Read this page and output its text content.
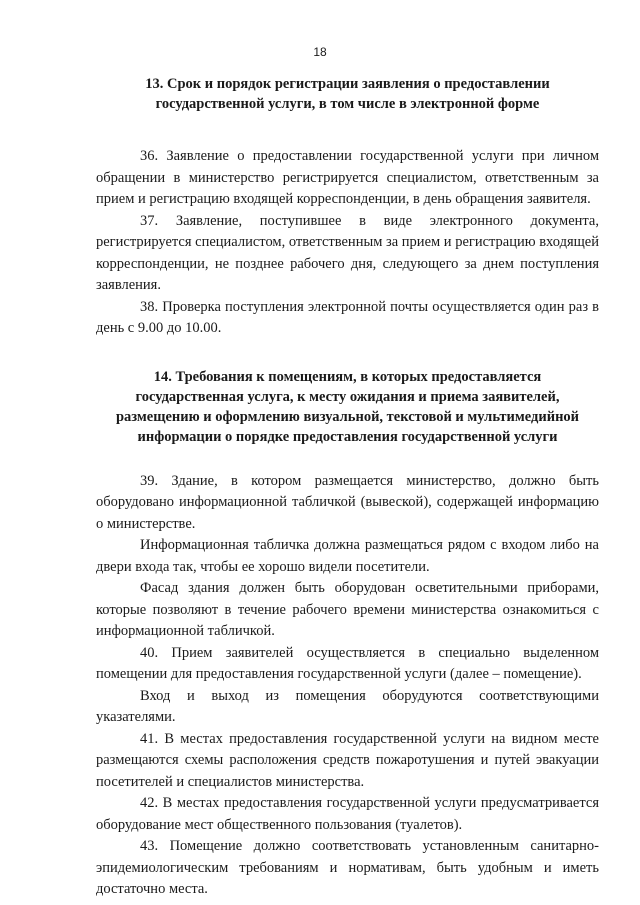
18
13. Срок и порядок регистрации заявления о предоставлении
государственной услуги, в том числе в электронной форме

36. Заявление о предоставлении государственной услуги при личном обращении в министерство регистрируется специалистом, ответственным за прием и регистрацию входящей корреспонденции, в день обращения заявителя.

37. Заявление, поступившее в виде электронного документа, регистрируется специалистом, ответственным за прием и регистрацию входящей корреспонденции, не позднее рабочего дня, следующего за днем поступления заявления.

38. Проверка поступления электронной почты осуществляется один раз в день с 9.00 до 10.00.

14. Требования к помещениям, в которых предоставляется
государственная услуга, к месту ожидания и приема заявителей,
размещению и оформлению визуальной, текстовой и мультимедийной
информации о порядке предоставления государственной услуги

39. Здание, в котором размещается министерство, должно быть оборудовано информационной табличкой (вывеской), содержащей информацию о министерстве.

Информационная табличка должна размещаться рядом с входом либо на двери входа так, чтобы ее хорошо видели посетители.

Фасад здания должен быть оборудован осветительными приборами, которые позволяют в течение рабочего времени министерства ознакомиться с информационной табличкой.

40. Прием заявителей осуществляется в специально выделенном помещении для предоставления государственной услуги (далее – помещение).

Вход и выход из помещения оборудуются соответствующими указателями.

41. В местах предоставления государственной услуги на видном месте размещаются схемы расположения средств пожаротушения и путей эвакуации посетителей и специалистов министерства.

42. В местах предоставления государственной услуги предусматривается оборудование мест общественного пользования (туалетов).

43. Помещение должно соответствовать установленным санитарно-эпидемиологическим требованиям и нормативам, быть удобным и иметь достаточно места.
